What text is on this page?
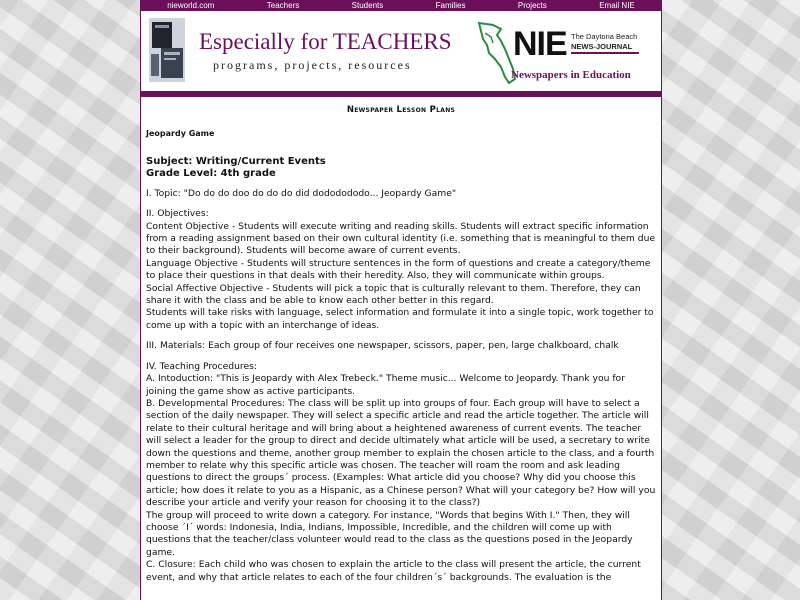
nieworld.com	Teachers	Students	Families	Projects	Email NIE
Especially for TEACHERS
programs, projects, resources
NIE The Daytona Beach
NEWS-JOURNAL
Newspapers in Education
Newspaper Lesson Plans
Jeopardy Game
Subject: Writing/Current Events
Grade Level: 4th grade

I. Topic: "Do do do doo do do do did dododododo... Jeopardy Game"

II. Objectives:
Content Objective - Students will execute writing and reading skills. Students will extract specific information from a reading assignment based on their own cultural identity (i.e. something that is meaningful to them due to their background). Students will become aware of current events.
Language Objective - Students will structure sentences in the form of questions and create a category/theme to place their questions in that deals with their heredity. Also, they will communicate within groups.
Social Affective Objective - Students will pick a topic that is culturally relevant to them. Therefore, they can share it with the class and be able to know each other better in this regard.
Students will take risks with language, select information and formulate it into a single topic, work together to come up with a topic with an interchange of ideas.

III. Materials: Each group of four receives one newspaper, scissors, paper, pen, large chalkboard, chalk

IV. Teaching Procedures:
A. Intoduction: "This is Jeopardy with Alex Trebeck." Theme music... Welcome to Jeopardy. Thank you for joining the game show as active participants.
B. Developmental Procedures: The class will be split up into groups of four. Each group will have to select a section of the daily newspaper. They will select a specific article and read the article together. The article will relate to their cultural heritage and will bring about a heightened awareness of current events. The teacher will select a leader for the group to direct and decide ultimately what article will be used, a secretary to write down the questions and theme, another group member to explain the chosen article to the class, and a fourth member to relate why this specific article was chosen. The teacher will roam the room and ask leading questions to direct the groups´ process. (Examples: What article did you choose? Why did you choose this article; how does it relate to you as a Hispanic, as a Chinese person? What will your category be? How will you describe your article and verify your reason for choosing it to the class?)
The group will proceed to write down a category. For instance, "Words that begins With I." Then, they will choose ´I´ words: Indonesia, India, Indians, Impossible, Incredible, and the children will come up with questions that the teacher/class volunteer would read to the class as the questions posed in the Jeopardy game.
C. Closure: Each child who was chosen to explain the article to the class will present the article, the current event, and why that article relates to each of the four children´s´ backgrounds. The evaluation is the
